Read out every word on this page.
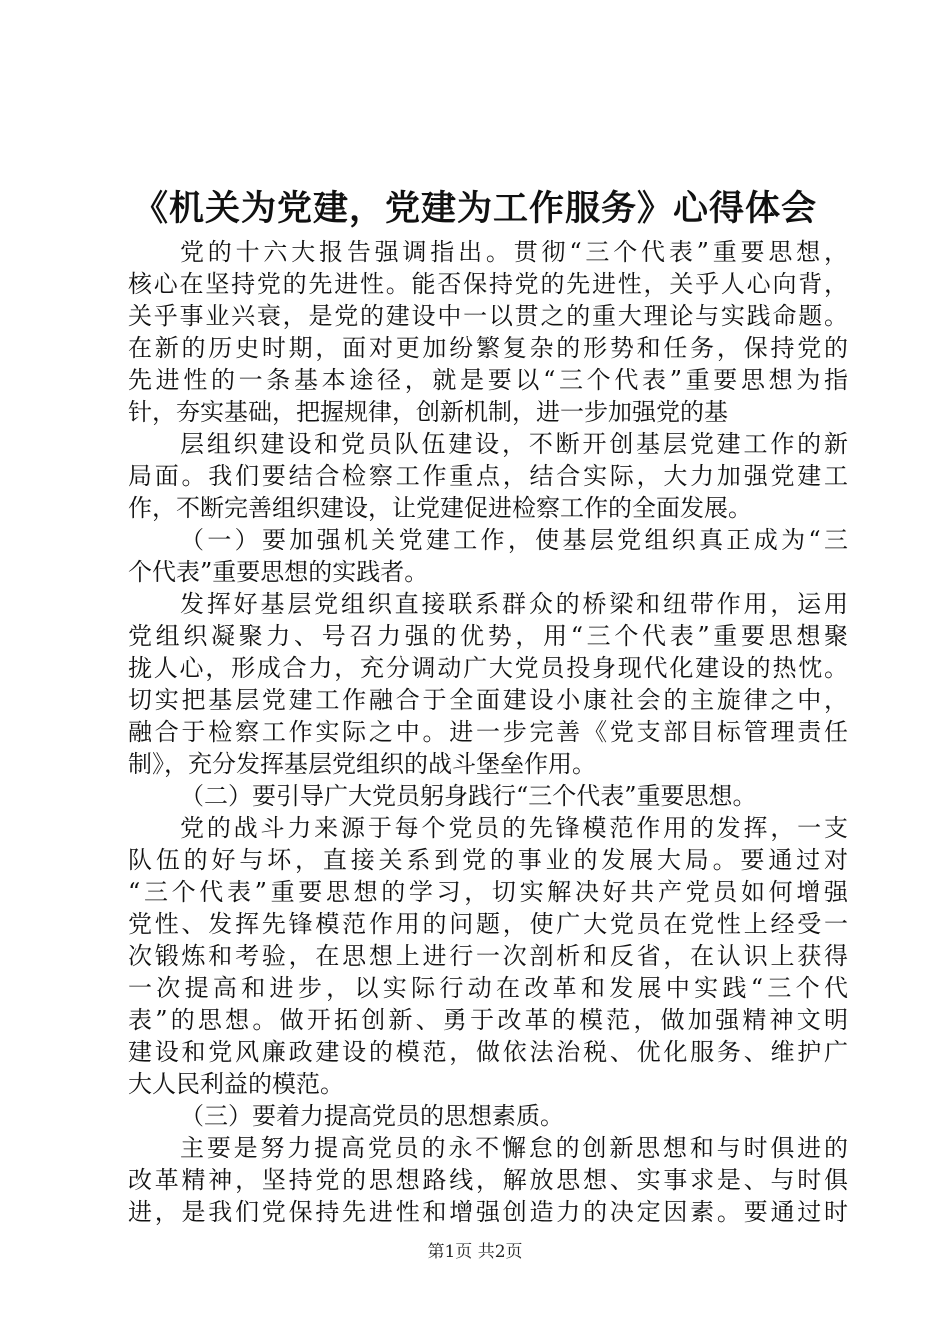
《机关为党建，党建为工作服务》心得体会
党的十六大报告强调指出。贯彻“三个代表”重要思想，
核心在坚持党的先进性。能否保持党的先进性，关乎人心向背，
关乎事业兴衰，是党的建设中一以贯之的重大理论与实践命题。
在新的历史时期，面对更加纷繁复杂的形势和任务，保持党的
先进性的一条基本途径，就是要以“三个代表”重要思想为指
针，夯实基础，把握规律，创新机制，进一步加强党的基
层组织建设和党员队伍建设，不断开创基层党建工作的新
局面。我们要结合检察工作重点，结合实际，大力加强党建工
作，不断完善组织建设，让党建促进检察工作的全面发展。
（一）要加强机关党建工作，使基层党组织真正成为“三
个代表”重要思想的实践者。
发挥好基层党组织直接联系群众的桥梁和纽带作用，运用
党组织凝聚力、号召力强的优势，用“三个代表”重要思想聚
拢人心，形成合力，充分调动广大党员投身现代化建设的热忱。
切实把基层党建工作融合于全面建设小康社会的主旋律之中，
融合于检察工作实际之中。进一步完善《党支部目标管理责任
制》，充分发挥基层党组织的战斗堡垒作用。
（二）要引导广大党员躬身践行“三个代表”重要思想。
党的战斗力来源于每个党员的先锋模范作用的发挥，一支
队伍的好与坏，直接关系到党的事业的发展大局。要通过对
“三个代表”重要思想的学习，切实解决好共产党员如何增强
党性、发挥先锋模范作用的问题，使广大党员在党性上经受一
次锻炼和考验，在思想上进行一次剖析和反省，在认识上获得
一次提高和进步，以实际行动在改革和发展中实践“三个代
表”的思想。做开拓创新、勇于改革的模范，做加强精神文明
建设和党风廉政建设的模范，做依法治税、优化服务、维护广
大人民利益的模范。
（三）要着力提高党员的思想素质。
主要是努力提高党员的永不懈怠的创新思想和与时俱进的
改革精神，坚持党的思想路线，解放思想、实事求是、与时俱
进，是我们党保持先进性和增强创造力的决定因素。要通过时
第1页 共2页
